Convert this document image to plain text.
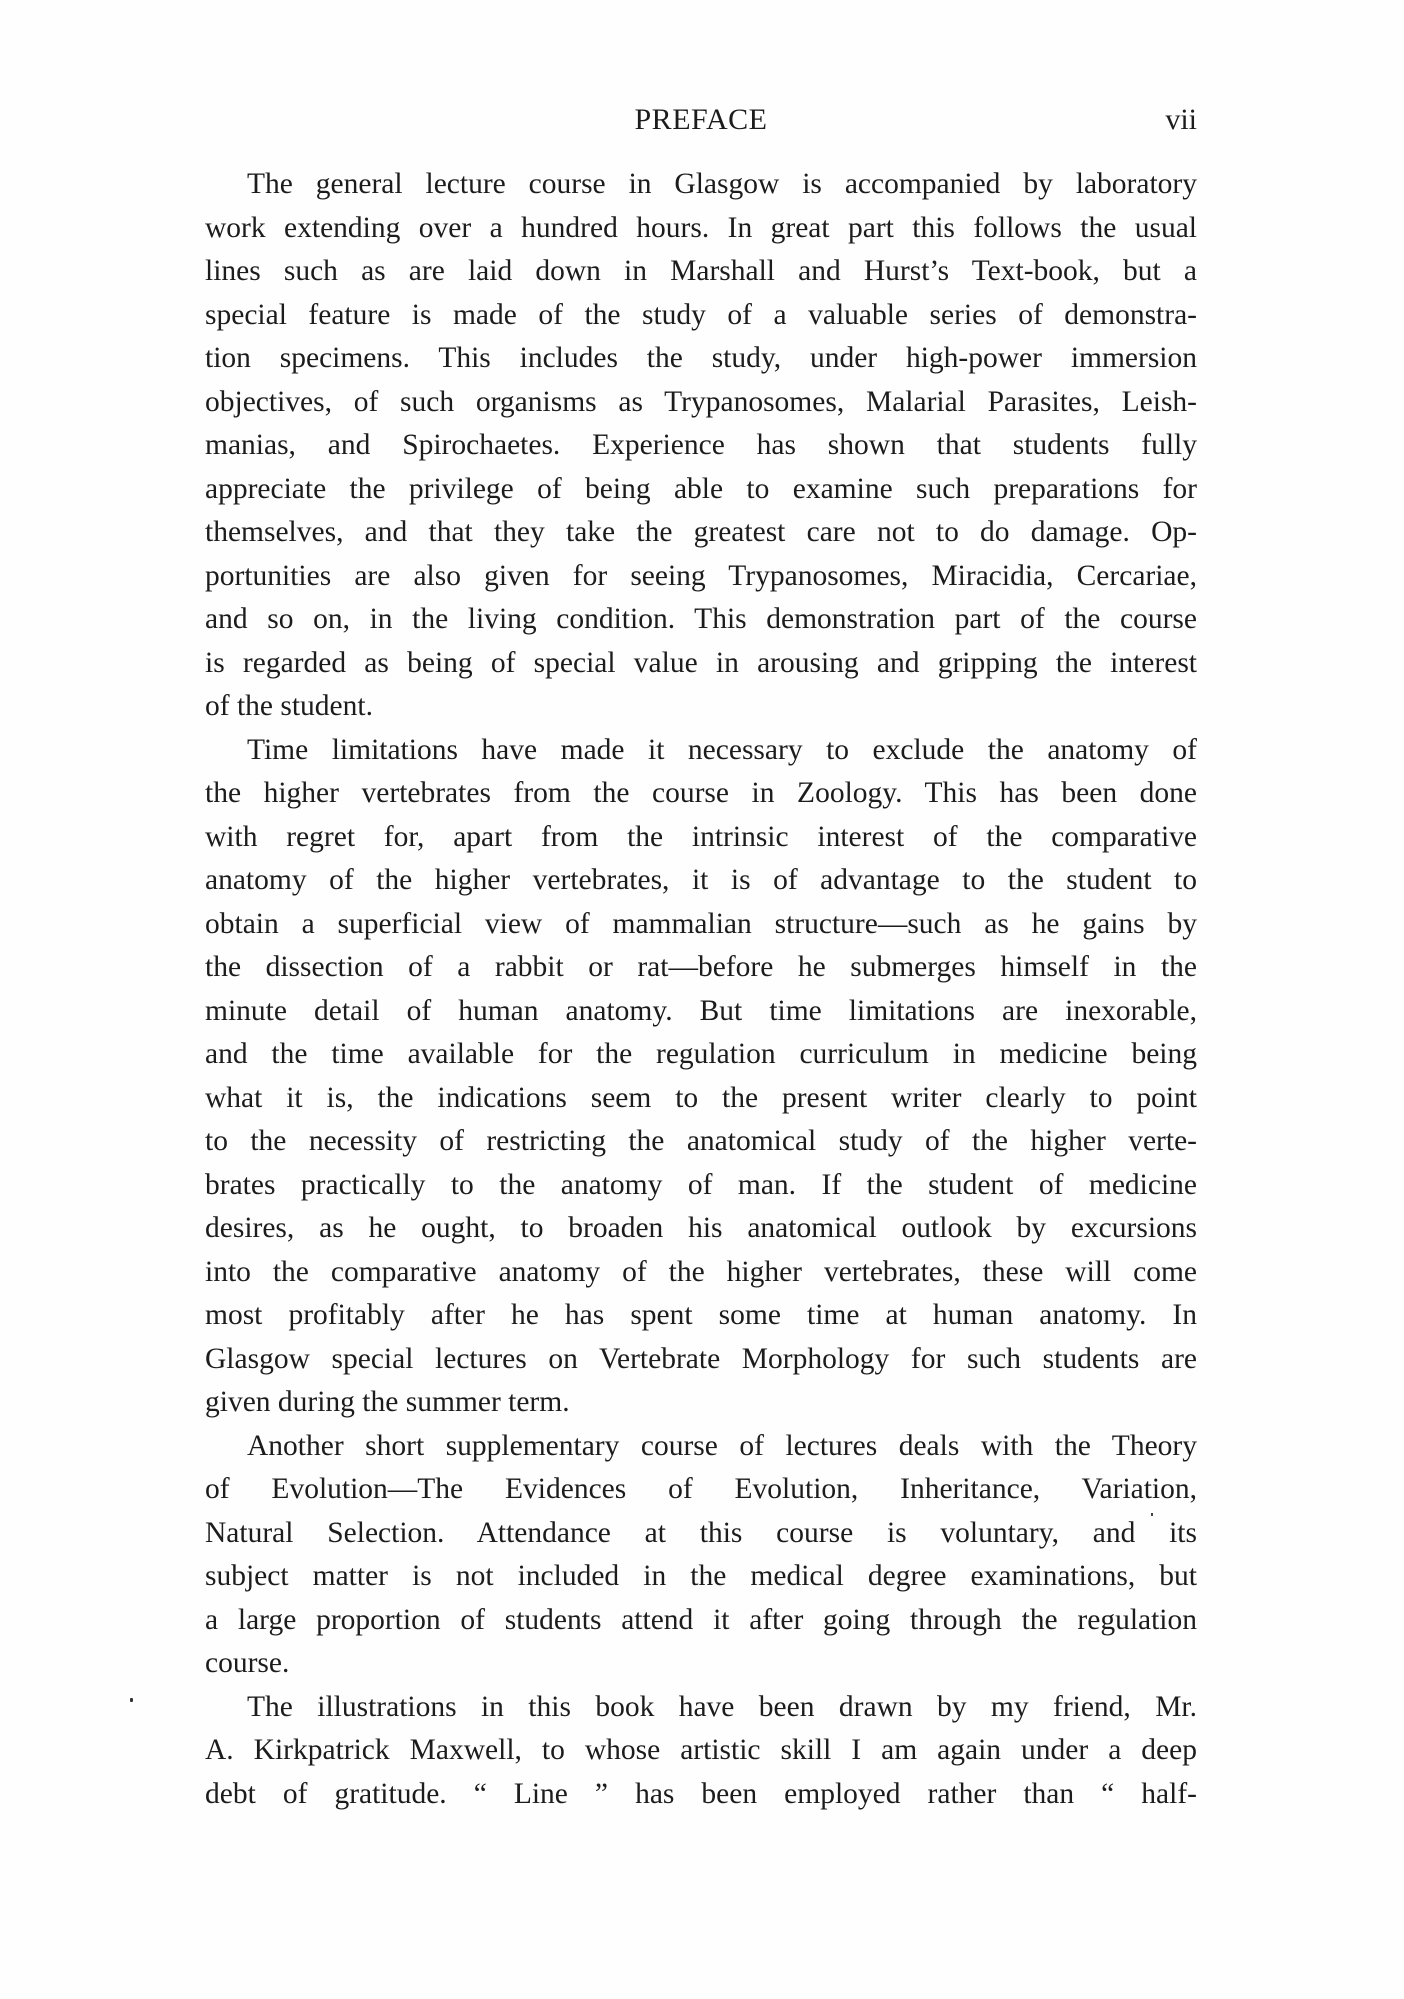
PREFACE	vii
The general lecture course in Glasgow is accompanied by laboratory
work extending over a hundred hours. In great part this follows the usual
lines such as are laid down in Marshall and Hurst’s Text-book, but a
special feature is made of the study of a valuable series of demonstra-
tion specimens. This includes the study, under high-power immersion
objectives, of such organisms as Trypanosomes, Malarial Parasites, Leish-
manias, and Spirochaetes. Experience has shown that students fully
appreciate the privilege of being able to examine such preparations for
themselves, and that they take the greatest care not to do damage. Op-
portunities are also given for seeing Trypanosomes, Miracidia, Cercariae,
and so on, in the living condition. This demonstration part of the course
is regarded as being of special value in arousing and gripping the interest
of the student.
Time limitations have made it necessary to exclude the anatomy of
the higher vertebrates from the course in Zoology. This has been done
with regret for, apart from the intrinsic interest of the comparative
anatomy of the higher vertebrates, it is of advantage to the student to
obtain a superficial view of mammalian structure—such as he gains by
the dissection of a rabbit or rat—before he submerges himself in the
minute detail of human anatomy. But time limitations are inexorable,
and the time available for the regulation curriculum in medicine being
what it is, the indications seem to the present writer clearly to point
to the necessity of restricting the anatomical study of the higher verte-
brates practically to the anatomy of man. If the student of medicine
desires, as he ought, to broaden his anatomical outlook by excursions
into the comparative anatomy of the higher vertebrates, these will come
most profitably after he has spent some time at human anatomy. In
Glasgow special lectures on Vertebrate Morphology for such students are
given during the summer term.
Another short supplementary course of lectures deals with the Theory
of Evolution—The Evidences of Evolution, Inheritance, Variation,
Natural Selection. Attendance at this course is voluntary, and its
subject matter is not included in the medical degree examinations, but
a large proportion of students attend it after going through the regulation
course.
The illustrations in this book have been drawn by my friend, Mr.
A. Kirkpatrick Maxwell, to whose artistic skill I am again under a deep
debt of gratitude. “ Line ” has been employed rather than “ half-
